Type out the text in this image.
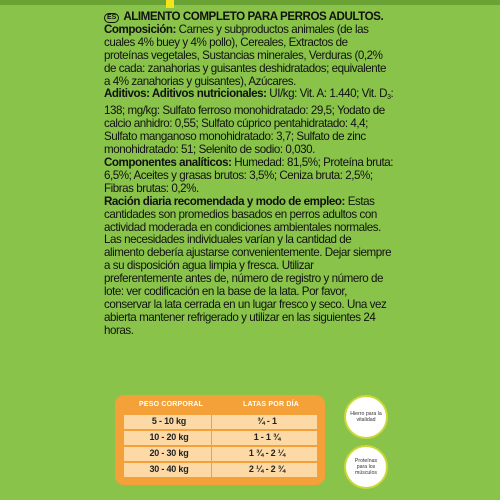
ES ALIMENTO COMPLETO PARA PERROS ADULTOS.

Composición: Carnes y subproductos animales (de las cuales 4% buey y 4% pollo), Cereales, Extractos de proteínas vegetales, Sustancias minerales, Verduras (0,2% de cada: zanahorias y guisantes deshidratados; equivalente a 4% zanahorias y guisantes), Azúcares.

Aditivos: Aditivos nutricionales: UI/kg: Vit. A: 1.440; Vit. $D_3$: 138; mg/kg: Sulfato ferroso monohidratado: 29,5; Yodato de calcio anhidro: 0,55; Sulfato cúprico pentahidratado: 4,4; Sulfato manganoso monohidratado: 3,7; Sulfato de zinc monohidratado: 51; Selenito de sodio: 0,030.

Componentes analíticos: Humedad: 81,5%; Proteína bruta: 6,5%; Aceites y grasas brutos: 3,5%; Ceniza bruta: 2,5%; Fibras brutas: 0,2%.

Ración diaria recomendada y modo de empleo: Estas cantidades son promedios basados en perros adultos con actividad moderada en condiciones ambientales normales. Las necesidades individuales varían y la cantidad de alimento debería ajustarse convenientemente. Dejar siempre a su disposición agua limpia y fresca. Utilizar preferentemente antes de, número de registro y número de lote: ver codificación en la base de la lata. Por favor, conservar la lata cerrada en un lugar fresco y seco. Una vez abierta mantener refrigerado y utilizar en las siguientes 24 horas.

PESO CORPORAL	LATAS POR DÍA
5 - 10 kg	¾ - 1
10 - 20 kg	1 - 1 ¾
20 - 30 kg	1 ¾ - 2 ¼
30 - 40 kg	2 ¼ - 2 ¾
Hierro para la vitalidad
Proteínas para los músculos
